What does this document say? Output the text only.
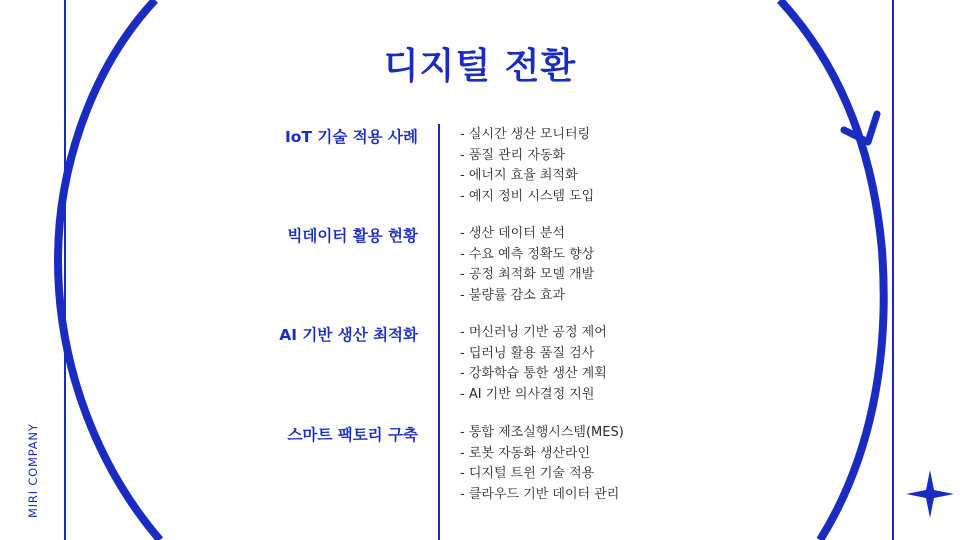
MIRI COMPANY
디지털 전환
IoT 기술 적용 사례	- 실시간 생산 모니터링
- 품질 관리 자동화
- 에너지 효율 최적화
- 예지 정비 시스템 도입
빅데이터 활용 현황	- 생산 데이터 분석
- 수요 예측 정확도 향상
- 공정 최적화 모델 개발
- 불량률 감소 효과
AI 기반 생산 최적화	- 머신러닝 기반 공정 제어
- 딥러닝 활용 품질 검사
- 강화학습 통한 생산 계획
- AI 기반 의사결정 지원
스마트 팩토리 구축	- 통합 제조실행시스템(MES)
- 로봇 자동화 생산라인
- 디지털 트윈 기술 적용
- 클라우드 기반 데이터 관리
